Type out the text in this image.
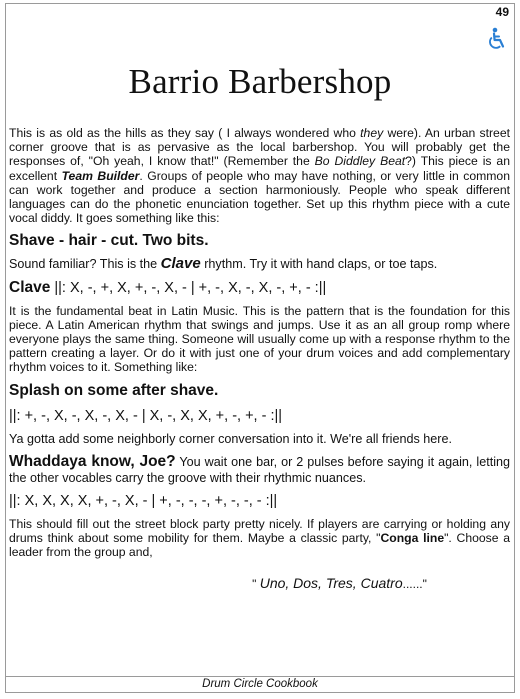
49
Barrio Barbershop

This is as old as the hills as they say ( I always wondered who they were). An urban street corner groove that is as pervasive as the local barbershop. You will probably get the responses of, "Oh yeah, I know that!" (Remember the Bo Diddley Beat?) This piece is an excellent Team Builder. Groups of people who may have nothing, or very little in common can work together and produce a section harmoniously. People who speak different languages can do the phonetic enunciation together. Set up this rhythm piece with a cute vocal diddy. It goes something like this:

Shave - hair - cut. Two bits.

Sound familiar? This is the Clave rhythm. Try it with hand claps, or toe taps.

Clave ||: X, -, +, X, +, -, X, - | +, -, X, -, X, -, +, - :||

It is the fundamental beat in Latin Music. This is the pattern that is the foundation for this piece. A Latin American rhythm that swings and jumps. Use it as an all group romp where everyone plays the same thing. Someone will usually come up with a response rhythm to the pattern creating a layer. Or do it with just one of your drum voices and add complementary rhythm voices to it. Something like:

Splash on some after shave.

||: +, -, X, -, X, -, X, - | X, -, X, X, +, -, +, - :||

Ya gotta add some neighborly corner conversation into it. We're all friends here.

Whaddaya know, Joe? You wait one bar, or 2 pulses before saying it again, letting the other vocables carry the groove with their rhythmic nuances.

||: X, X, X, X, +, -, X, - | +, -, -, -, +, -, -, - :||

This should fill out the street block party pretty nicely. If players are carrying or holding any drums think about some mobility for them. Maybe a classic party, "Conga line". Choose a leader from the group and,

" Uno, Dos, Tres, Cuatro......"

Drum Circle Cookbook
